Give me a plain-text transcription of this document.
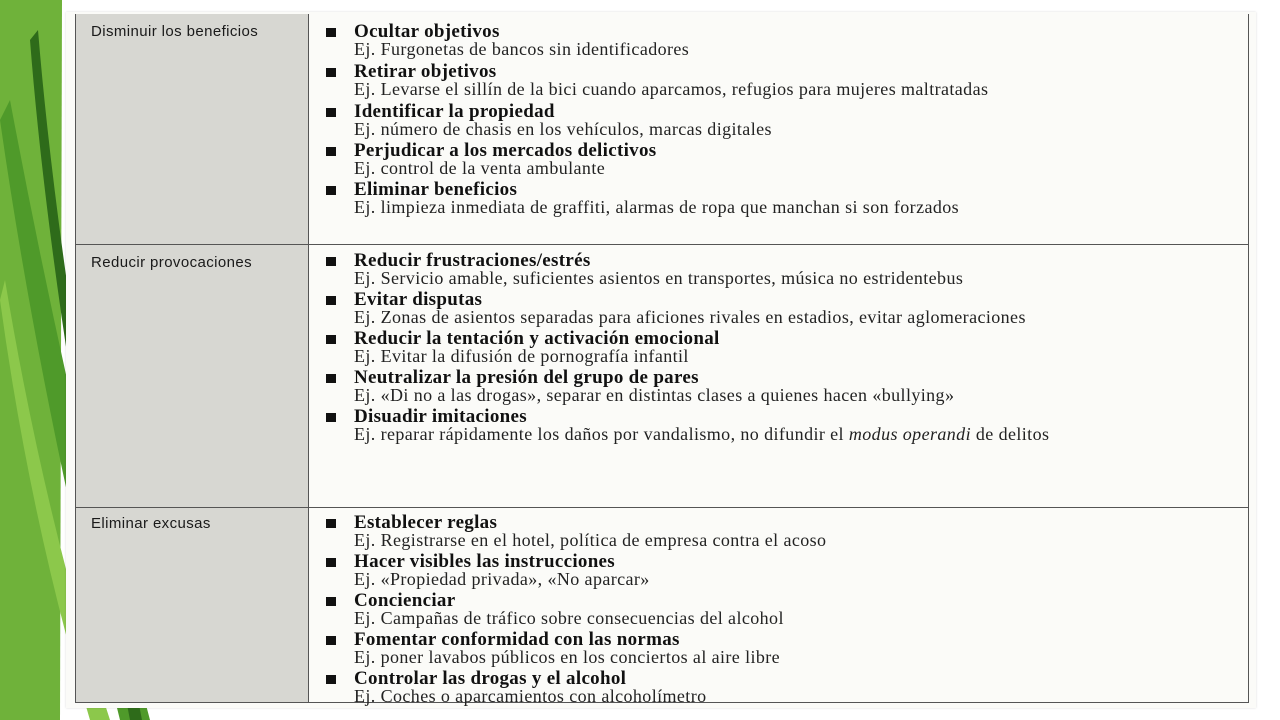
Disminuir los beneficios	Ocultar objetivos
Ej. Furgonetas de bancos sin identificadores
Retirar objetivos
Ej. Levarse el sillín de la bici cuando aparcamos, refugios para mujeres maltratadas
Identificar la propiedad
Ej. número de chasis en los vehículos, marcas digitales
Perjudicar a los mercados delictivos
Ej. control de la venta ambulante
Eliminar beneficios
Ej. limpieza inmediata de graffiti, alarmas de ropa que manchan si son forzados
Reducir provocaciones	Reducir frustraciones/estrés
Ej. Servicio amable, suficientes asientos en transportes, música no estridentebus
Evitar disputas
Ej. Zonas de asientos separadas para aficiones rivales en estadios, evitar aglomeraciones
Reducir la tentación y activación emocional
Ej. Evitar la difusión de pornografía infantil
Neutralizar la presión del grupo de pares
Ej. «Di no a las drogas», separar en distintas clases a quienes hacen «bullying»
Disuadir imitaciones
Ej. reparar rápidamente los daños por vandalismo, no difundir el modus operandi de delitos
Eliminar excusas	Establecer reglas
Ej. Registrarse en el hotel, política de empresa contra el acoso
Hacer visibles las instrucciones
Ej. «Propiedad privada», «No aparcar»
Concienciar
Ej. Campañas de tráfico sobre consecuencias del alcohol
Fomentar conformidad con las normas
Ej. poner lavabos públicos en los conciertos al aire libre
Controlar las drogas y el alcohol
Ej. Coches o aparcamientos con alcoholímetro
